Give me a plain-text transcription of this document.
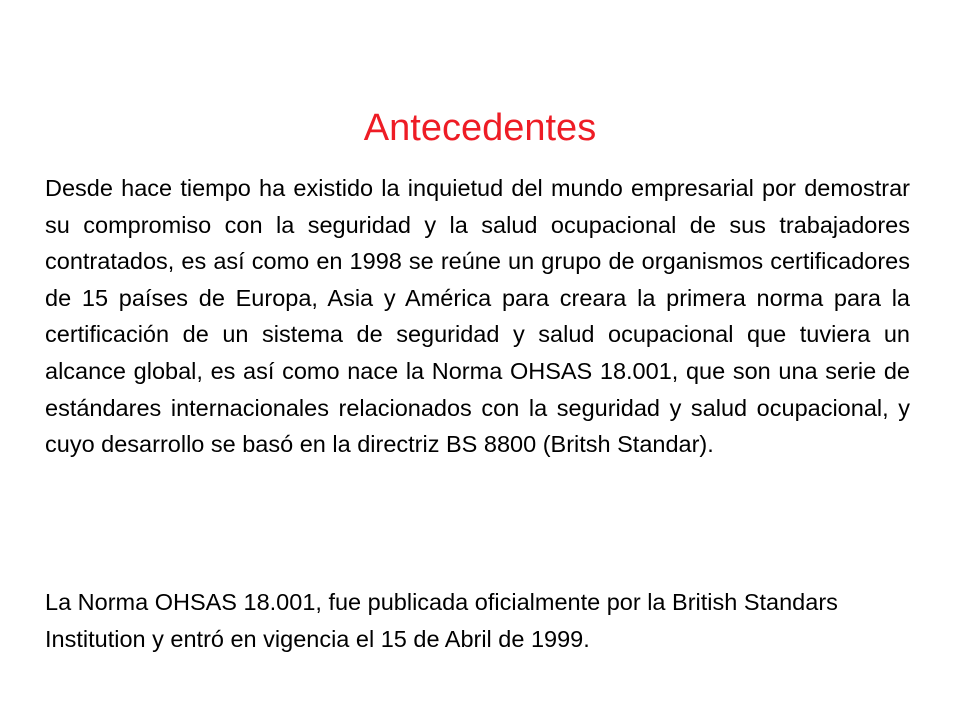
Antecedentes

Desde hace tiempo ha existido la inquietud del mundo empresarial por demostrar su compromiso con la seguridad y la salud ocupacional de sus trabajadores contratados, es así como en 1998 se reúne un grupo de organismos certificadores de 15 países de Europa, Asia y América para creara la primera norma para la certificación de un sistema de seguridad y salud ocupacional que tuviera un alcance global, es así como nace la Norma OHSAS 18.001, que son una serie de estándares internacionales relacionados con la seguridad y salud ocupacional, y cuyo desarrollo se basó en la directriz BS 8800 (Britsh Standar).

La Norma OHSAS 18.001, fue publicada oficialmente por la British Standars Institution y entró en vigencia el 15 de Abril de 1999.
